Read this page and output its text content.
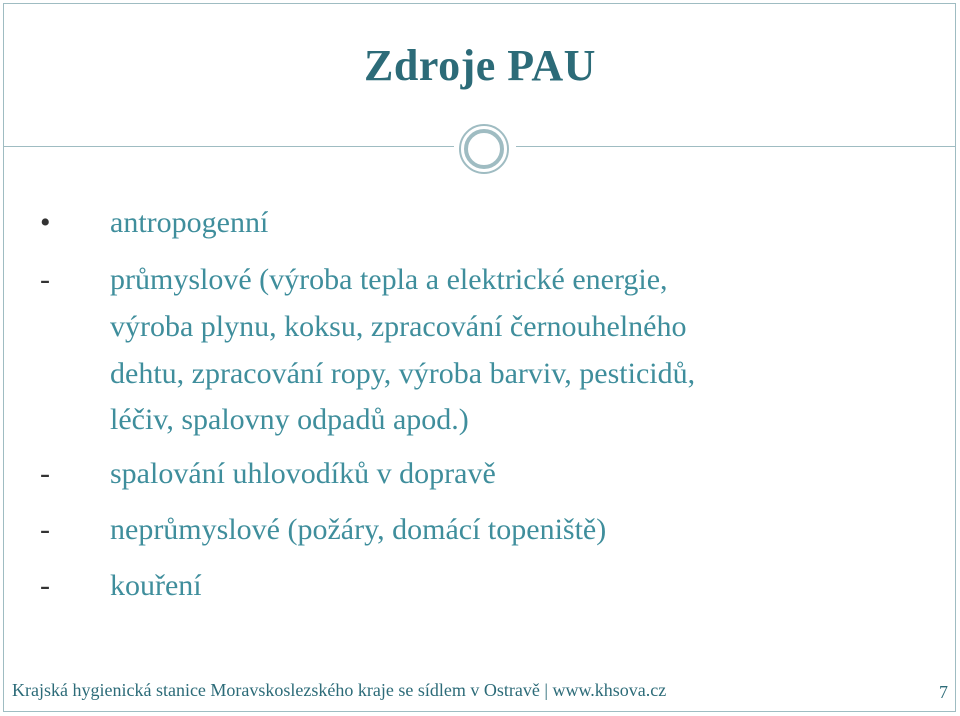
Zdroje PAU
•	antropogenní
-	průmyslové (výroba tepla a elektrické energie,
výroba plynu, koksu, zpracování černouhelného
dehtu, zpracování ropy, výroba barviv, pesticidů,
léčiv, spalovny odpadů apod.)
-	spalování uhlovodíků v dopravě
-	neprůmyslové (požáry, domácí topeniště)
-	kouření
Krajská hygienická stanice Moravskoslezského kraje se sídlem v Ostravě | www.khsova.cz	7
